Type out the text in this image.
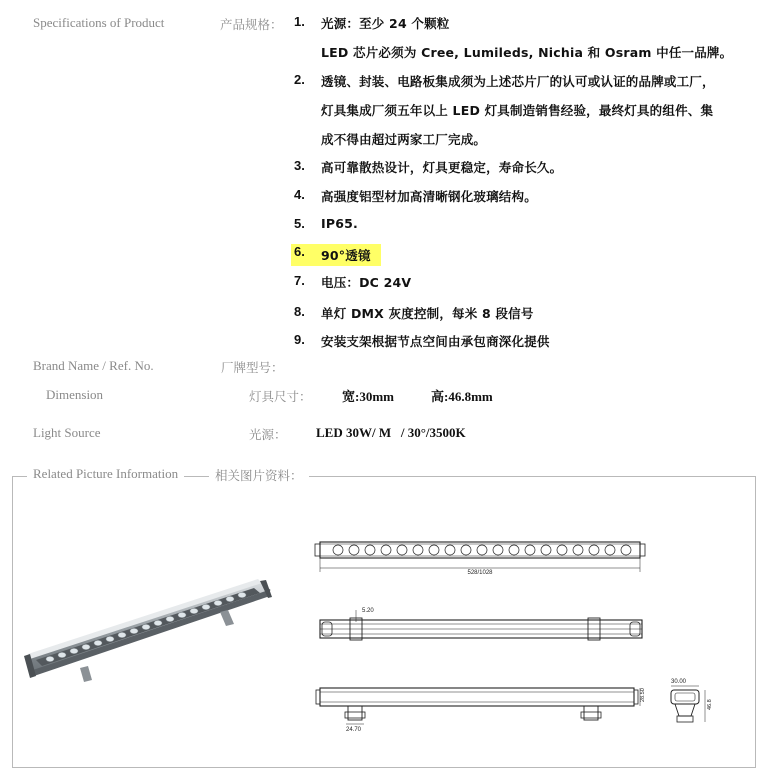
Specifications of Product	产品规格： 1. 光源：至少 24 个颗粒
LED 芯片必须为 Cree, Lumileds, Nichia 和 Osram 中任一品牌。
2. 透镜、封装、电路板集成须为上述芯片厂的认可或认证的品牌或工厂，
灯具集成厂须五年以上 LED 灯具制造销售经验，最终灯具的组件、集
成不得由超过两家工厂完成。
3. 高可靠散热设计，灯具更稳定，寿命长久。
4. 高强度铝型材加高清晰钢化玻璃结构。
5. IP65.
6.	90°透镜
7. 电压：DC 24V
8. 单灯 DMX 灰度控制，每米 8 段信号
9. 安装支架根据节点空间由承包商深化提供
Brand Name / Ref. No.	厂牌型号：
Dimension	灯具尺寸： 宽:30mm	高:46.8mm
Light Source	光源： LED 30W/ M   / 30°/3500K
Related Picture Information	相关图片资料：
528/1028
5.20
24.70
28.50
30.00
46.8
